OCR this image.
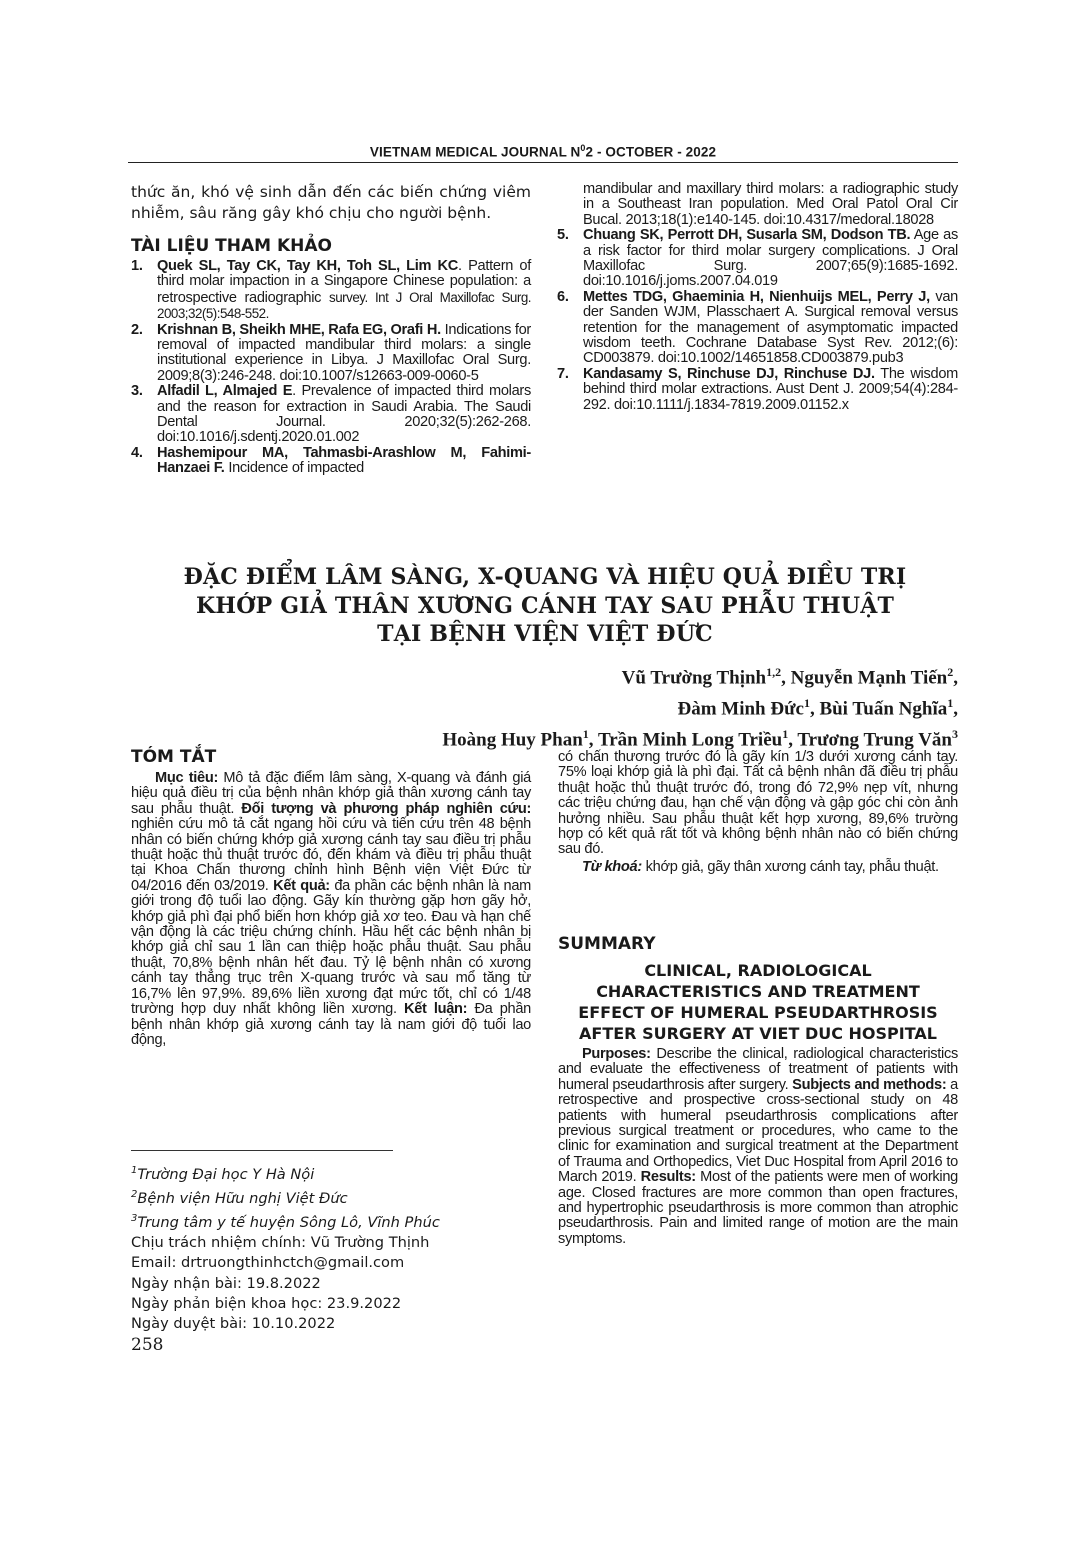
VIETNAM MEDICAL JOURNAL $N^02$ - OCTOBER - 2022
thức ăn, khó vệ sinh dẫn đến các biến chứng viêm nhiễm, sâu răng gây khó chịu cho người bệnh.
TÀI LIỆU THAM KHẢO
1. Quek SL, Tay CK, Tay KH, Toh SL, Lim KC. Pattern of third molar impaction in a Singapore Chinese population: a retrospective radiographic survey. Int J Oral Maxillofac Surg. 2003;32(5):548-552.
2. Krishnan B, Sheikh MHE, Rafa EG, Orafi H. Indications for removal of impacted mandibular third molars: a single institutional experience in Libya. J Maxillofac Oral Surg. 2009;8(3):246-248. doi:10.1007/s12663-009-0060-5
3. Alfadil L, Almajed E. Prevalence of impacted third molars and the reason for extraction in Saudi Arabia. The Saudi Dental Journal. 2020;32(5):262-268. doi:10.1016/j.sdentj.2020.01.002
4. Hashemipour MA, Tahmasbi-Arashlow M, Fahimi-Hanzaei F. Incidence of impacted
mandibular and maxillary third molars: a radiographic study in a Southeast Iran population. Med Oral Patol Oral Cir Bucal. 2013;18(1):e140-145. doi:10.4317/medoral.18028
5. Chuang SK, Perrott DH, Susarla SM, Dodson TB. Age as a risk factor for third molar surgery complications. J Oral Maxillofac Surg. 2007;65(9):1685-1692. doi:10.1016/j.joms.2007.04.019
6. Mettes TDG, Ghaeminia H, Nienhuijs MEL, Perry J, van der Sanden WJM, Plasschaert A. Surgical removal versus retention for the management of asymptomatic impacted wisdom teeth. Cochrane Database Syst Rev. 2012;(6): CD003879. doi:10.1002/14651858.CD003879.pub3
7. Kandasamy S, Rinchuse DJ, Rinchuse DJ. The wisdom behind third molar extractions. Aust Dent J. 2009;54(4):284-292. doi:10.1111/j.1834-7819.2009.01152.x
ĐẶC ĐIỂM LÂM SÀNG, X-QUANG VÀ HIỆU QUẢ ĐIỀU TRỊ
KHỚP GIẢ THÂN XƯƠNG CÁNH TAY SAU PHẪU THUẬT
TẠI BỆNH VIỆN VIỆT ĐỨC
Vũ Trường Thịnh$^{1,2}$, Nguyễn Mạnh Tiến$^2$,
Đàm Minh Đức$^1$, Bùi Tuấn Nghĩa$^1$,
Hoàng Huy Phan$^1$, Trần Minh Long Triều$^1$, Trương Trung Văn$^3$
TÓM TẮT
Mục tiêu: Mô tả đặc điểm lâm sàng, X-quang và đánh giá hiệu quả điều trị của bệnh nhân khớp giả thân xương cánh tay sau phẫu thuật. Đối tượng và phương pháp nghiên cứu: nghiên cứu mô tả cắt ngang hồi cứu và tiến cứu trên 48 bệnh nhân có biến chứng khớp giả xương cánh tay sau điều trị phẫu thuật hoặc thủ thuật trước đó, đến khám và điều trị phẫu thuật tại Khoa Chấn thương chỉnh hình Bệnh viện Việt Đức từ 04/2016 đến 03/2019. Kết quả: đa phần các bệnh nhân là nam giới trong độ tuổi lao động. Gãy kín thường gặp hơn gãy hở, khớp giả phì đại phổ biến hơn khớp giả xơ teo. Đau và hạn chế vận động là các triệu chứng chính. Hầu hết các bệnh nhân bị khớp giả chỉ sau 1 lần can thiệp hoặc phẫu thuật. Sau phẫu thuật, 70,8% bệnh nhân hết đau. Tỷ lệ bệnh nhân có xương cánh tay thẳng trục trên X-quang trước và sau mổ tăng từ 16,7% lên 97,9%. 89,6% liền xương đạt mức tốt, chỉ có 1/48 trường hợp duy nhất không liền xương. Kết luận: Đa phần bệnh nhân khớp giả xương cánh tay là nam giới độ tuổi lao động,
có chấn thương trước đó là gãy kín 1/3 dưới xương cánh tay. 75% loại khớp giả là phì đại. Tất cả bệnh nhân đã điều trị phẫu thuật hoặc thủ thuật trước đó, trong đó 72,9% nẹp vít, nhưng các triệu chứng đau, hạn chế vận động và gập góc chi còn ảnh hưởng nhiều. Sau phẫu thuật kết hợp xương, 89,6% trường hợp có kết quả rất tốt và không bệnh nhân nào có biến chứng sau đó.
Từ khoá: khớp giả, gãy thân xương cánh tay, phẫu thuật.
SUMMARY
CLINICAL, RADIOLOGICAL CHARACTERISTICS AND TREATMENT EFFECT OF HUMERAL PSEUDARTHROSIS AFTER SURGERY AT VIET DUC HOSPITAL
Purposes: Describe the clinical, radiological characteristics and evaluate the effectiveness of treatment of patients with humeral pseudarthrosis after surgery. Subjects and methods: a retrospective and prospective cross-sectional study on 48 patients with humeral pseudarthrosis complications after previous surgical treatment or procedures, who came to the clinic for examination and surgical treatment at the Department of Trauma and Orthopedics, Viet Duc Hospital from April 2016 to March 2019. Results: Most of the patients were men of working age. Closed fractures are more common than open fractures, and hypertrophic pseudarthrosis is more common than atrophic pseudarthrosis. Pain and limited range of motion are the main symptoms.
$^1$Trường Đại học Y Hà Nội
$^2$Bệnh viện Hữu nghị Việt Đức
$^3$Trung tâm y tế huyện Sông Lô, Vĩnh Phúc
Chịu trách nhiệm chính: Vũ Trường Thịnh
Email: drtruongthinhctch@gmail.com
Ngày nhận bài: 19.8.2022
Ngày phản biện khoa học: 23.9.2022
Ngày duyệt bài: 10.10.2022
258
